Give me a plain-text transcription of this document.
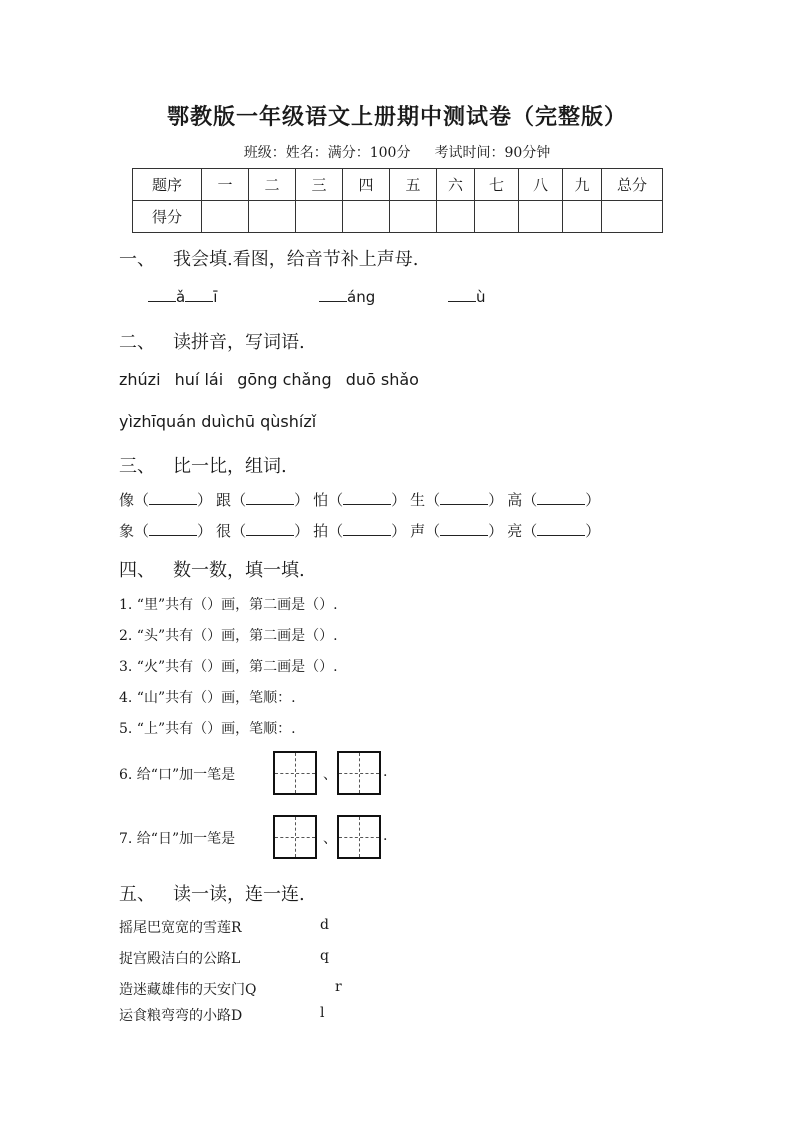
鄂教版一年级语文上册期中测试卷（完整版）
班级：姓名：满分：100分 考试时间：90分钟
题序	一	二	三	四	五	六	七	八	九	总分
得分										
一、 我会填.看图，给音节补上声母.
ǎ ī	áng	ù
二、 读拼音，写词语.
zhúzi huí lái gōng chǎng duō shǎo
yìzhīquán duìchū qùshízǐ
三、 比一比，组词.
像（	） 跟（	） 怕（	） 生（	） 高（	）
象（	） 很（	） 拍（	） 声（	） 亮（	）
四、 数一数，填一填.
1. “里”共有（）画，第二画是（）.
2. “头”共有（）画，第二画是（）.
3. “火”共有（）画，第二画是（）.
4. “山”共有（）画，笔顺：.
5. “上”共有（）画，笔顺：.
6. 给“口”加一笔是	、	.
7. 给“日”加一笔是	、	.
五、 读一读，连一连.
摇尾巴宽宽的雪莲R	d
捉宫殿洁白的公路L	q
造迷藏雄伟的天安门Q	r
运食粮弯弯的小路D	l
